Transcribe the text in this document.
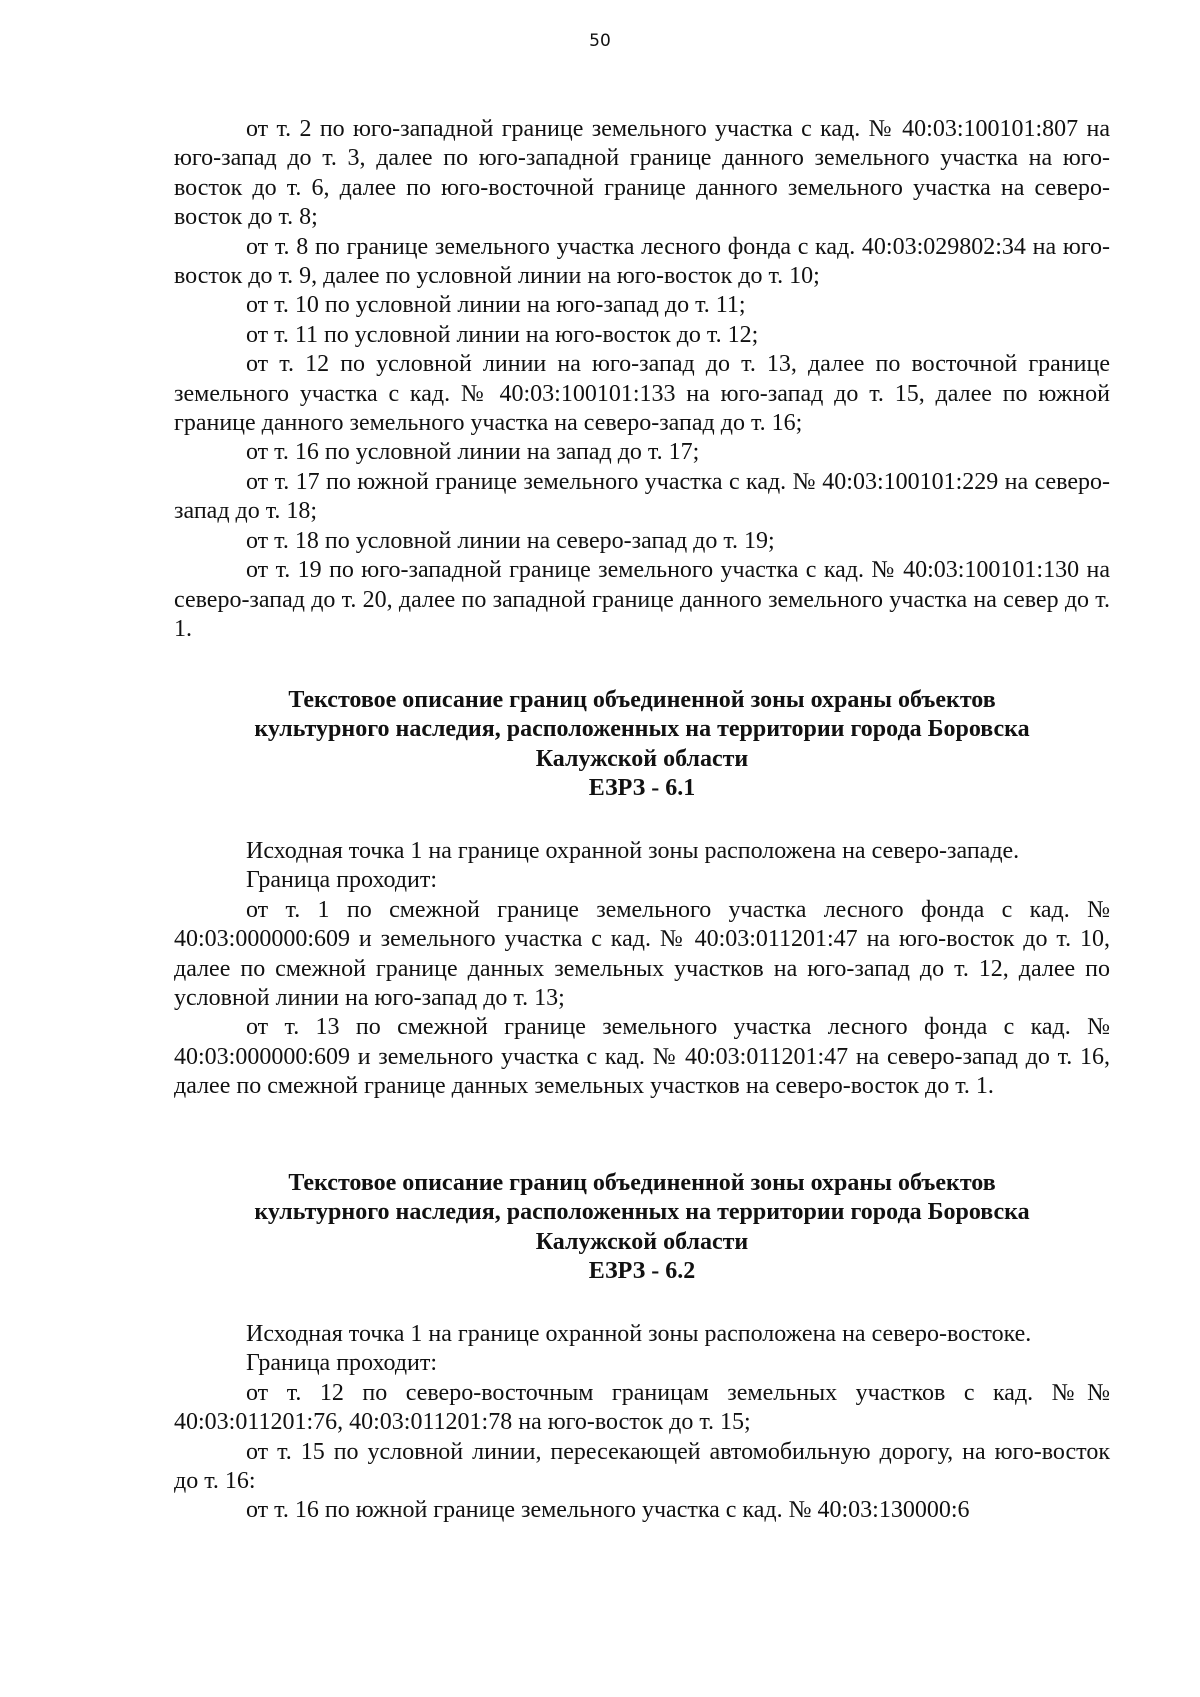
50

от т. 2 по юго-западной границе земельного участка с кад. № 40:03:100101:807 на юго-запад до т. 3, далее по юго-западной границе данного земельного участка на юго-восток до т. 6, далее по юго-восточной границе данного земельного участка на северо-восток до т. 8;

от т. 8 по границе земельного участка лесного фонда с кад. 40:03:029802:34 на юго-восток до т. 9, далее по условной линии на юго-восток до т. 10;

от т. 10 по условной линии на юго-запад до т. 11;

от т. 11 по условной линии на юго-восток до т. 12;

от т. 12 по условной линии на юго-запад до т. 13, далее по восточной границе земельного участка с кад. № 40:03:100101:133 на юго-запад до т. 15, далее по южной границе данного земельного участка на северо-запад до т. 16;

от т. 16 по условной линии на запад до т. 17;

от т. 17 по южной границе земельного участка с кад. № 40:03:100101:229 на северо-запад до т. 18;

от т. 18 по условной линии на северо-запад до т. 19;

от т. 19 по юго-западной границе земельного участка с кад. № 40:03:100101:130 на северо-запад до т. 20, далее по западной границе данного земельного участка на север до т. 1.

Текстовое описание границ объединенной зоны охраны объектов

культурного наследия, расположенных на территории города Боровска

Калужской области

ЕЗРЗ - 6.1

Исходная точка 1 на границе охранной зоны расположена на северо-западе.

Граница проходит:

от т. 1 по смежной границе земельного участка лесного фонда с кад. № 40:03:000000:609 и земельного участка с кад. № 40:03:011201:47 на юго-восток до т. 10, далее по смежной границе данных земельных участков на юго-запад до т. 12, далее по условной линии на юго-запад до т. 13;

от т. 13 по смежной границе земельного участка лесного фонда с кад. № 40:03:000000:609 и земельного участка с кад. № 40:03:011201:47 на северо-запад до т. 16, далее по смежной границе данных земельных участков на северо-восток до т. 1.

Текстовое описание границ объединенной зоны охраны объектов

культурного наследия, расположенных на территории города Боровска

Калужской области

ЕЗРЗ - 6.2

Исходная точка 1 на границе охранной зоны расположена на северо-востоке.

Граница проходит:

от т. 12 по северо-восточным границам земельных участков с кад. №№ 40:03:011201:76, 40:03:011201:78 на юго-восток до т. 15;

от т. 15 по условной линии, пересекающей автомобильную дорогу, на юго-восток до т. 16:

от т. 16 по южной границе земельного участка с кад. № 40:03:130000:6
